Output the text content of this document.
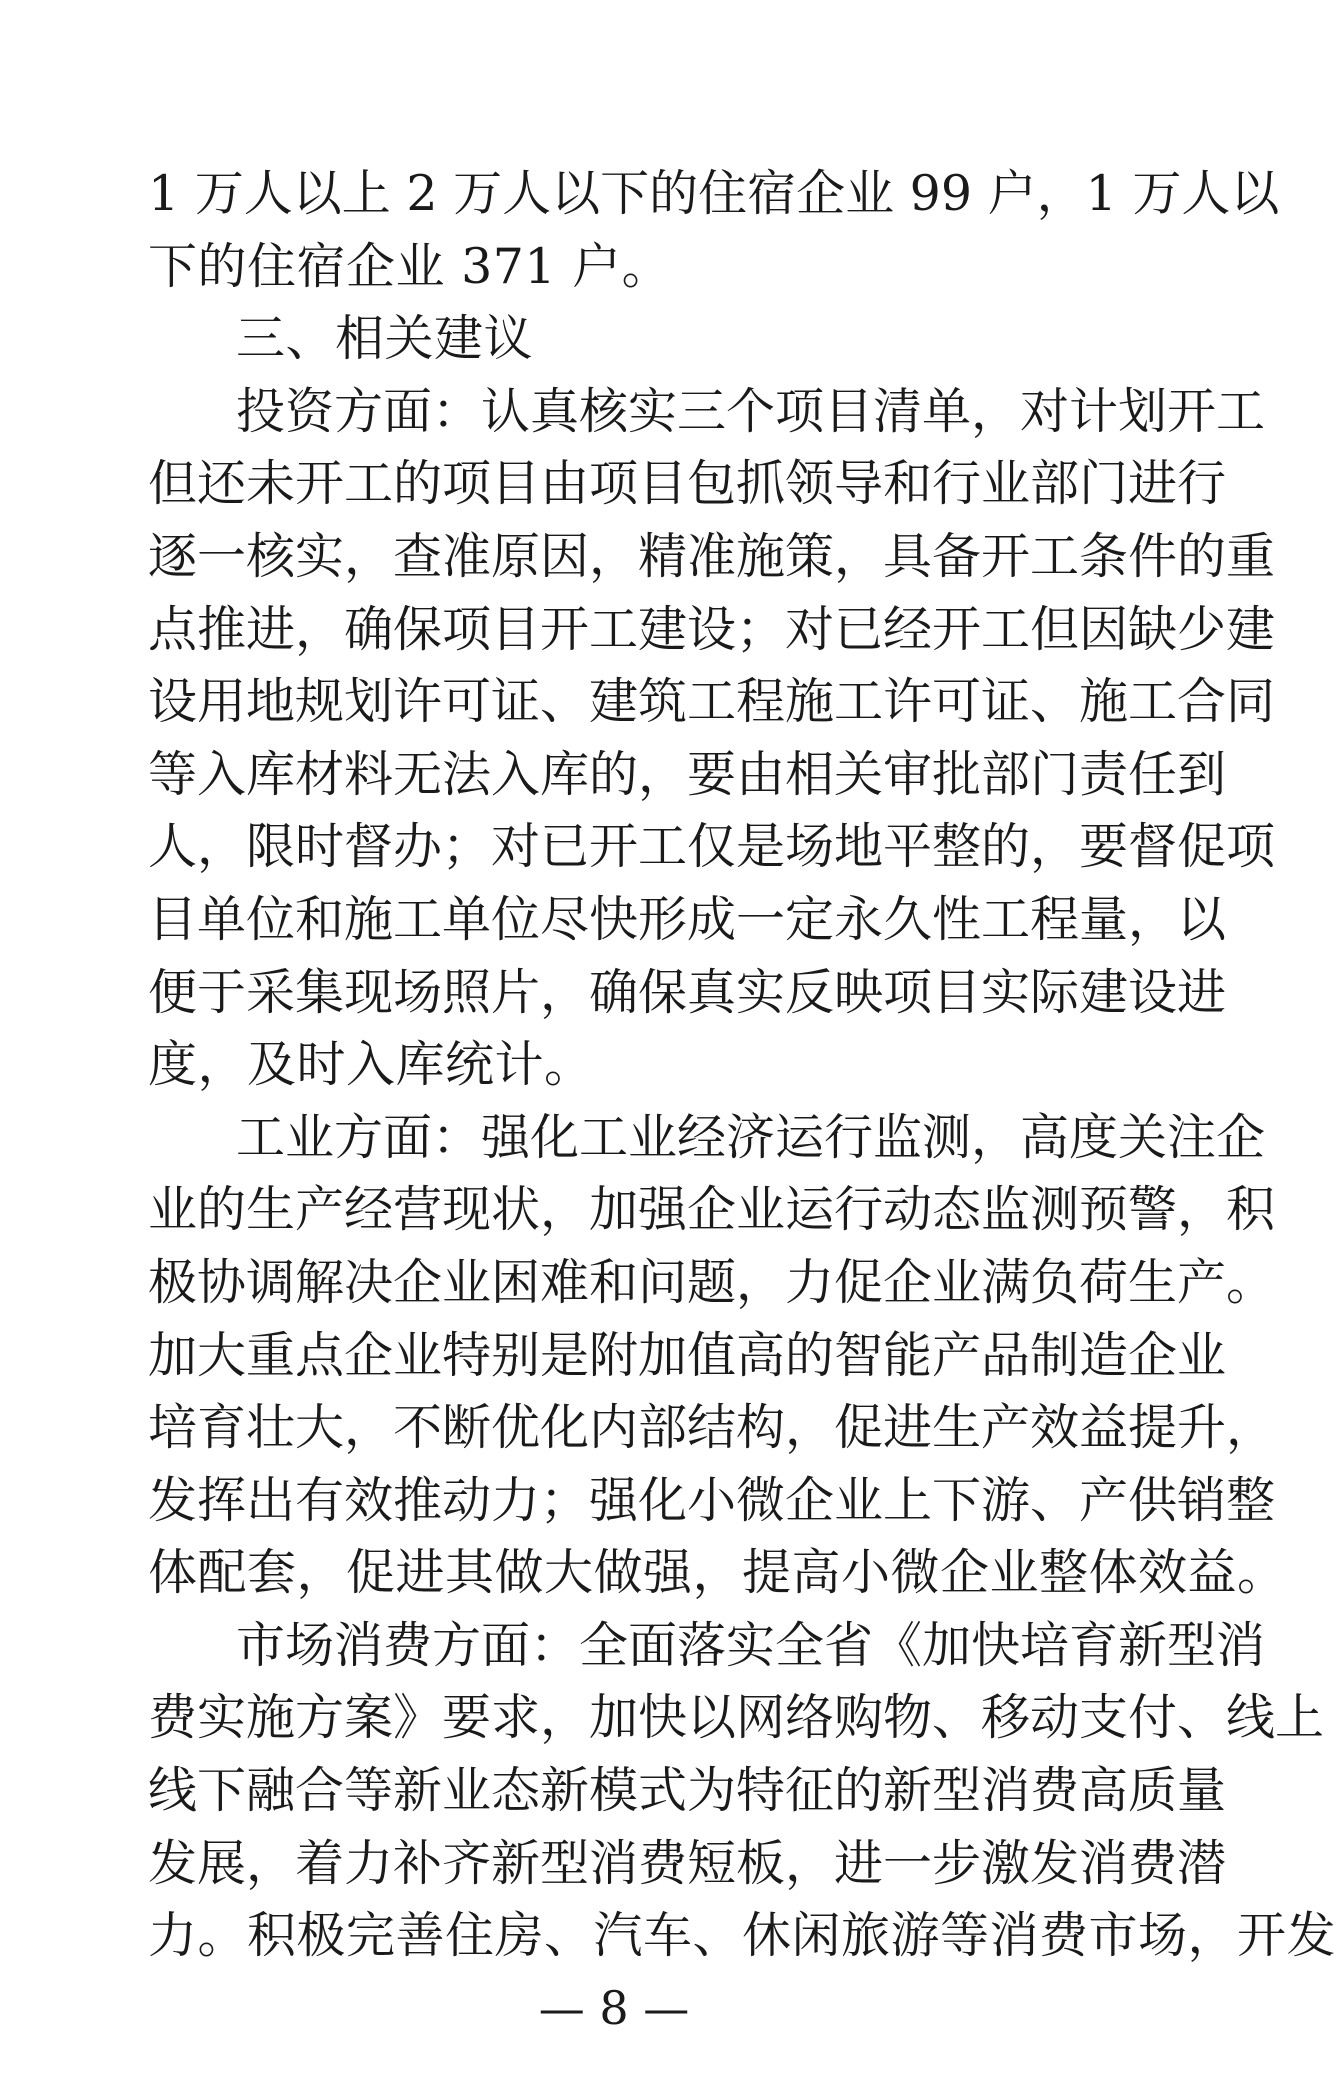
1 万人以上 2 万人以下的住宿企业 99 户，1 万人以
下的住宿企业 371 户。
三、相关建议
投资方面：认真核实三个项目清单，对计划开工
但还未开工的项目由项目包抓领导和行业部门进行
逐一核实，查准原因，精准施策，具备开工条件的重
点推进，确保项目开工建设；对已经开工但因缺少建
设用地规划许可证、建筑工程施工许可证、施工合同
等入库材料无法入库的，要由相关审批部门责任到
人，限时督办；对已开工仅是场地平整的，要督促项
目单位和施工单位尽快形成一定永久性工程量，以
便于采集现场照片，确保真实反映项目实际建设进
度，及时入库统计。
工业方面：强化工业经济运行监测，高度关注企
业的生产经营现状，加强企业运行动态监测预警，积
极协调解决企业困难和问题，力促企业满负荷生产。
加大重点企业特别是附加值高的智能产品制造企业
培育壮大，不断优化内部结构，促进生产效益提升，
发挥出有效推动力；强化小微企业上下游、产供销整
体配套，促进其做大做强，提高小微企业整体效益。
市场消费方面：全面落实全省《加快培育新型消
费实施方案》要求，加快以网络购物、移动支付、线上
线下融合等新业态新模式为特征的新型消费高质量
发展，着力补齐新型消费短板，进一步激发消费潜
力。积极完善住房、汽车、休闲旅游等消费市场，开发
— 8 —
